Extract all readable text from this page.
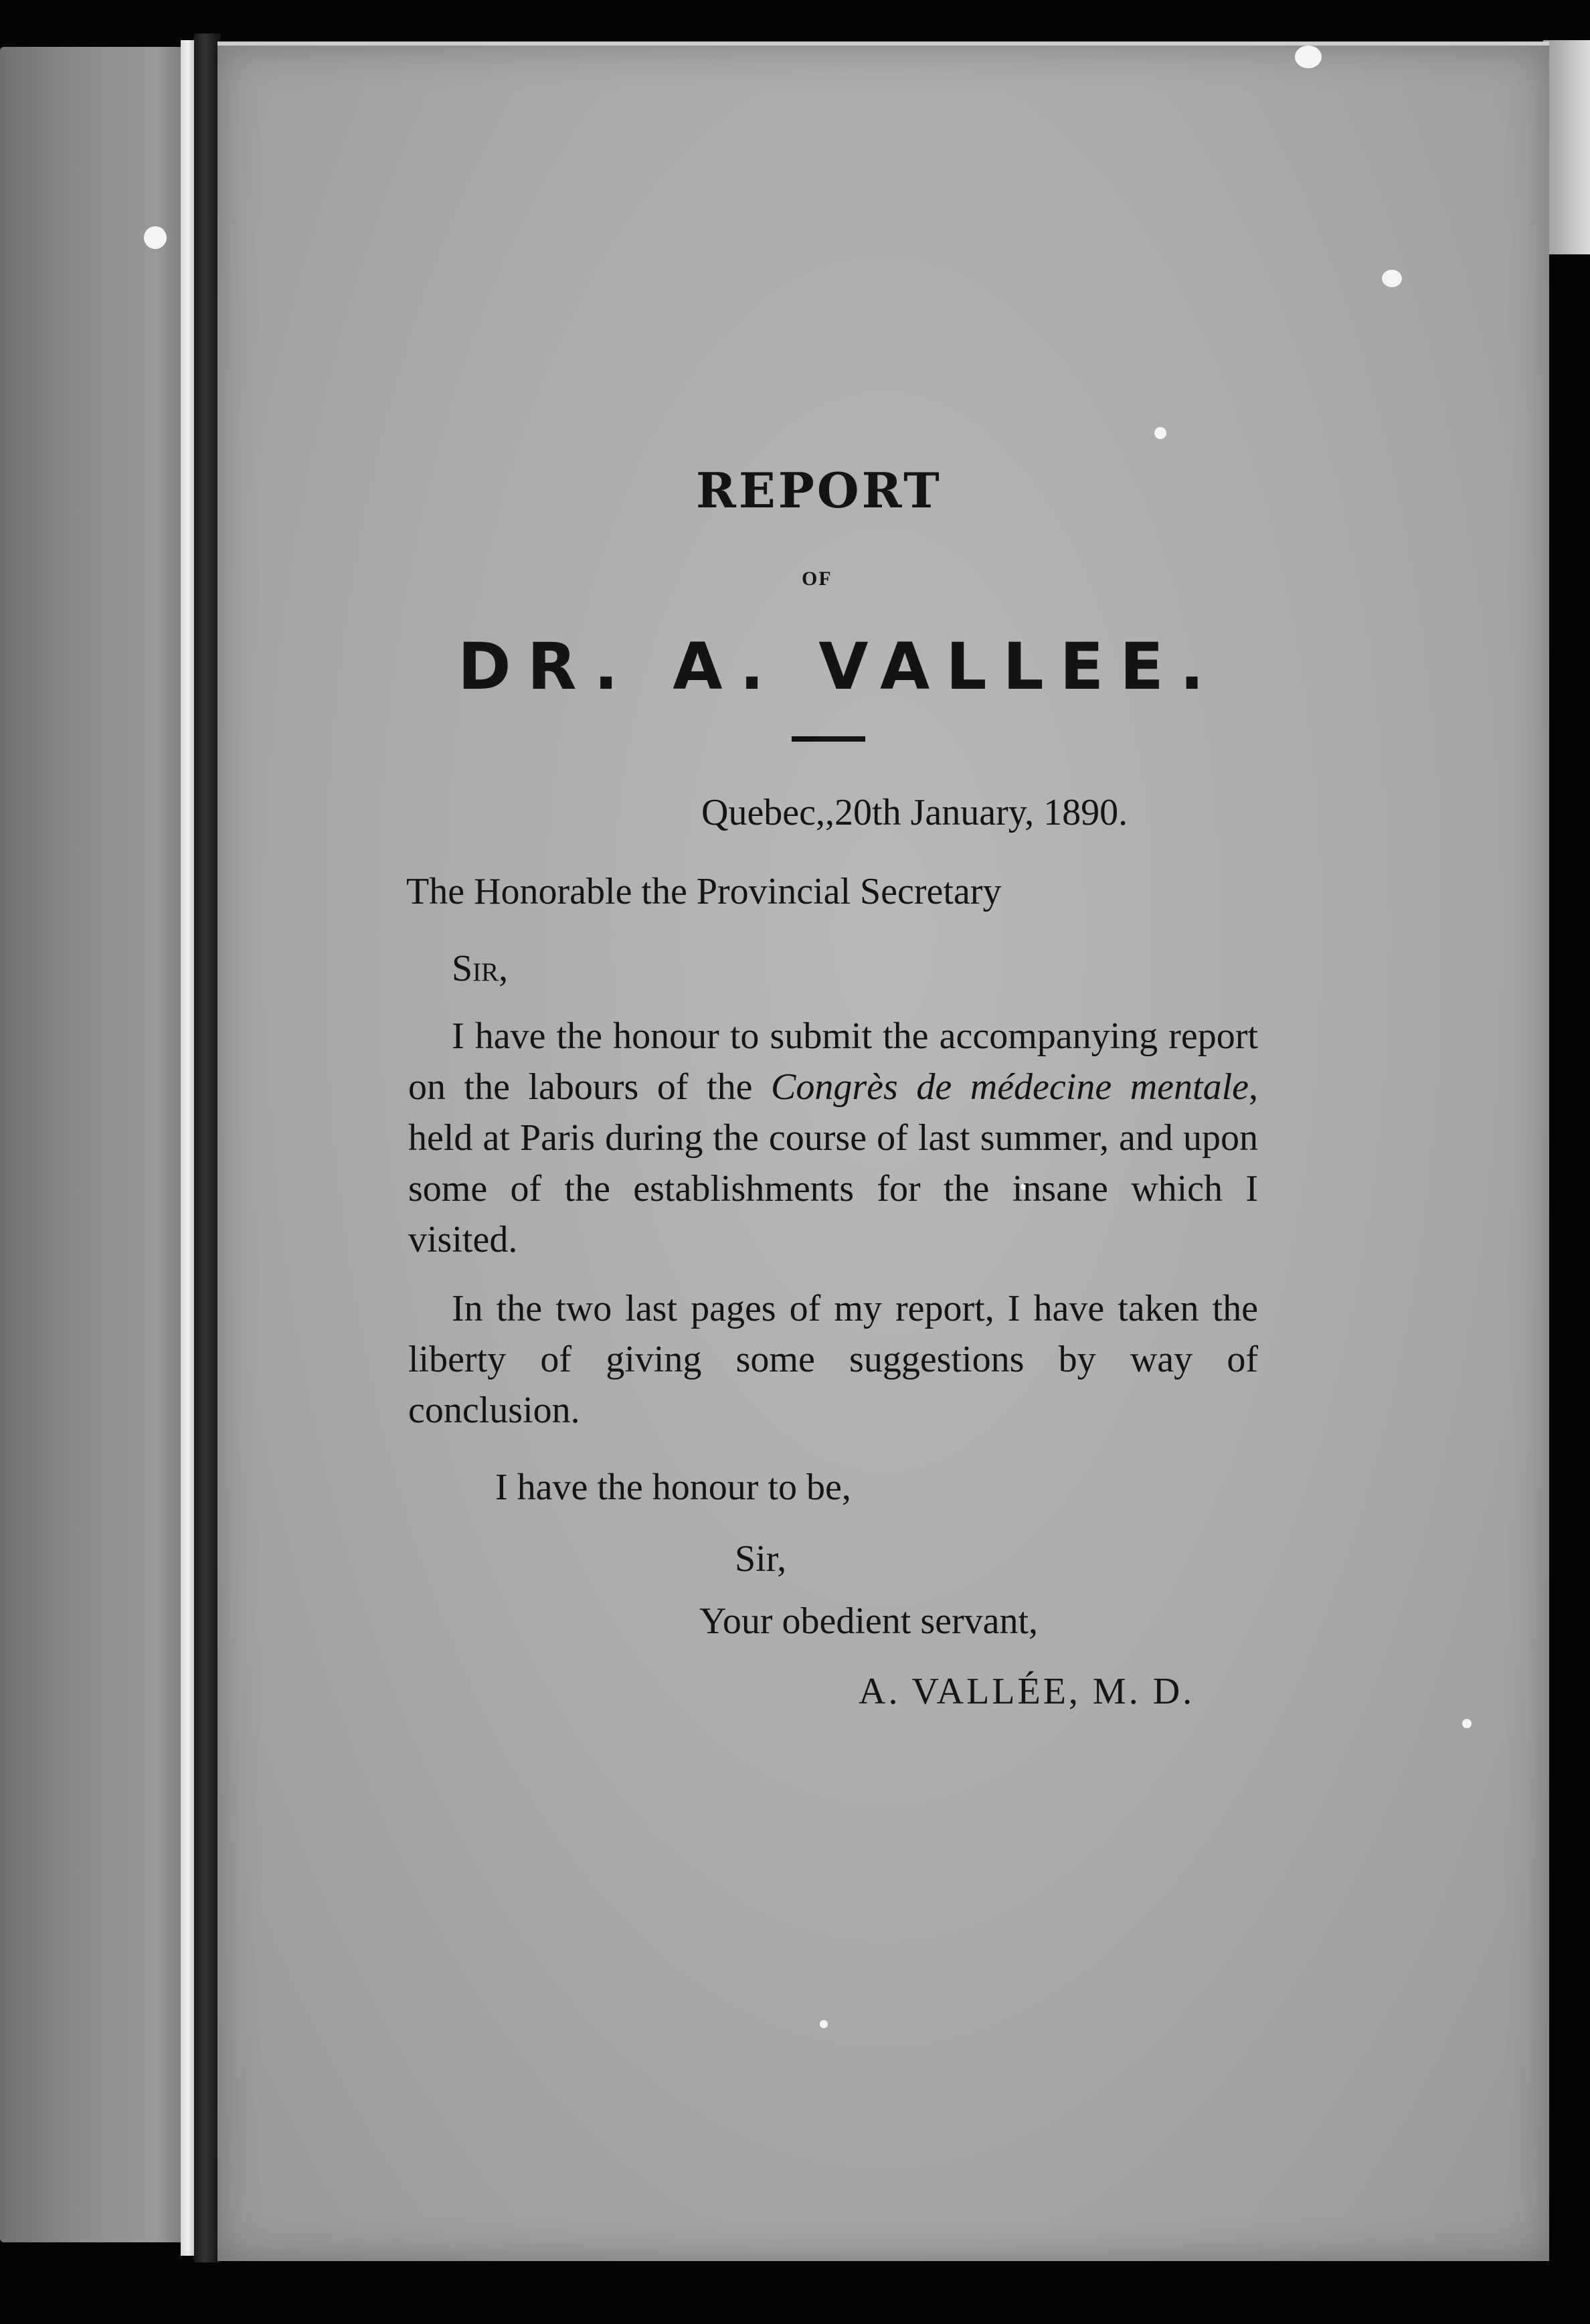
REPORT
OF
DR. A. VALLEE.
Quebec,,20th January, 1890.
The Honorable the Provincial Secretary
Sir,
I have the honour to submit the accompanying report on the labours of the Congrès de médecine mentale, held at Paris during the course of last summer, and upon some of the establishments for the insane which I visited.
In the two last pages of my report, I have taken the liberty of giving some suggestions by way of conclusion.
I have the honour to be,
Sir,
Your obedient servant,
A. VALLÉE, M. D.
